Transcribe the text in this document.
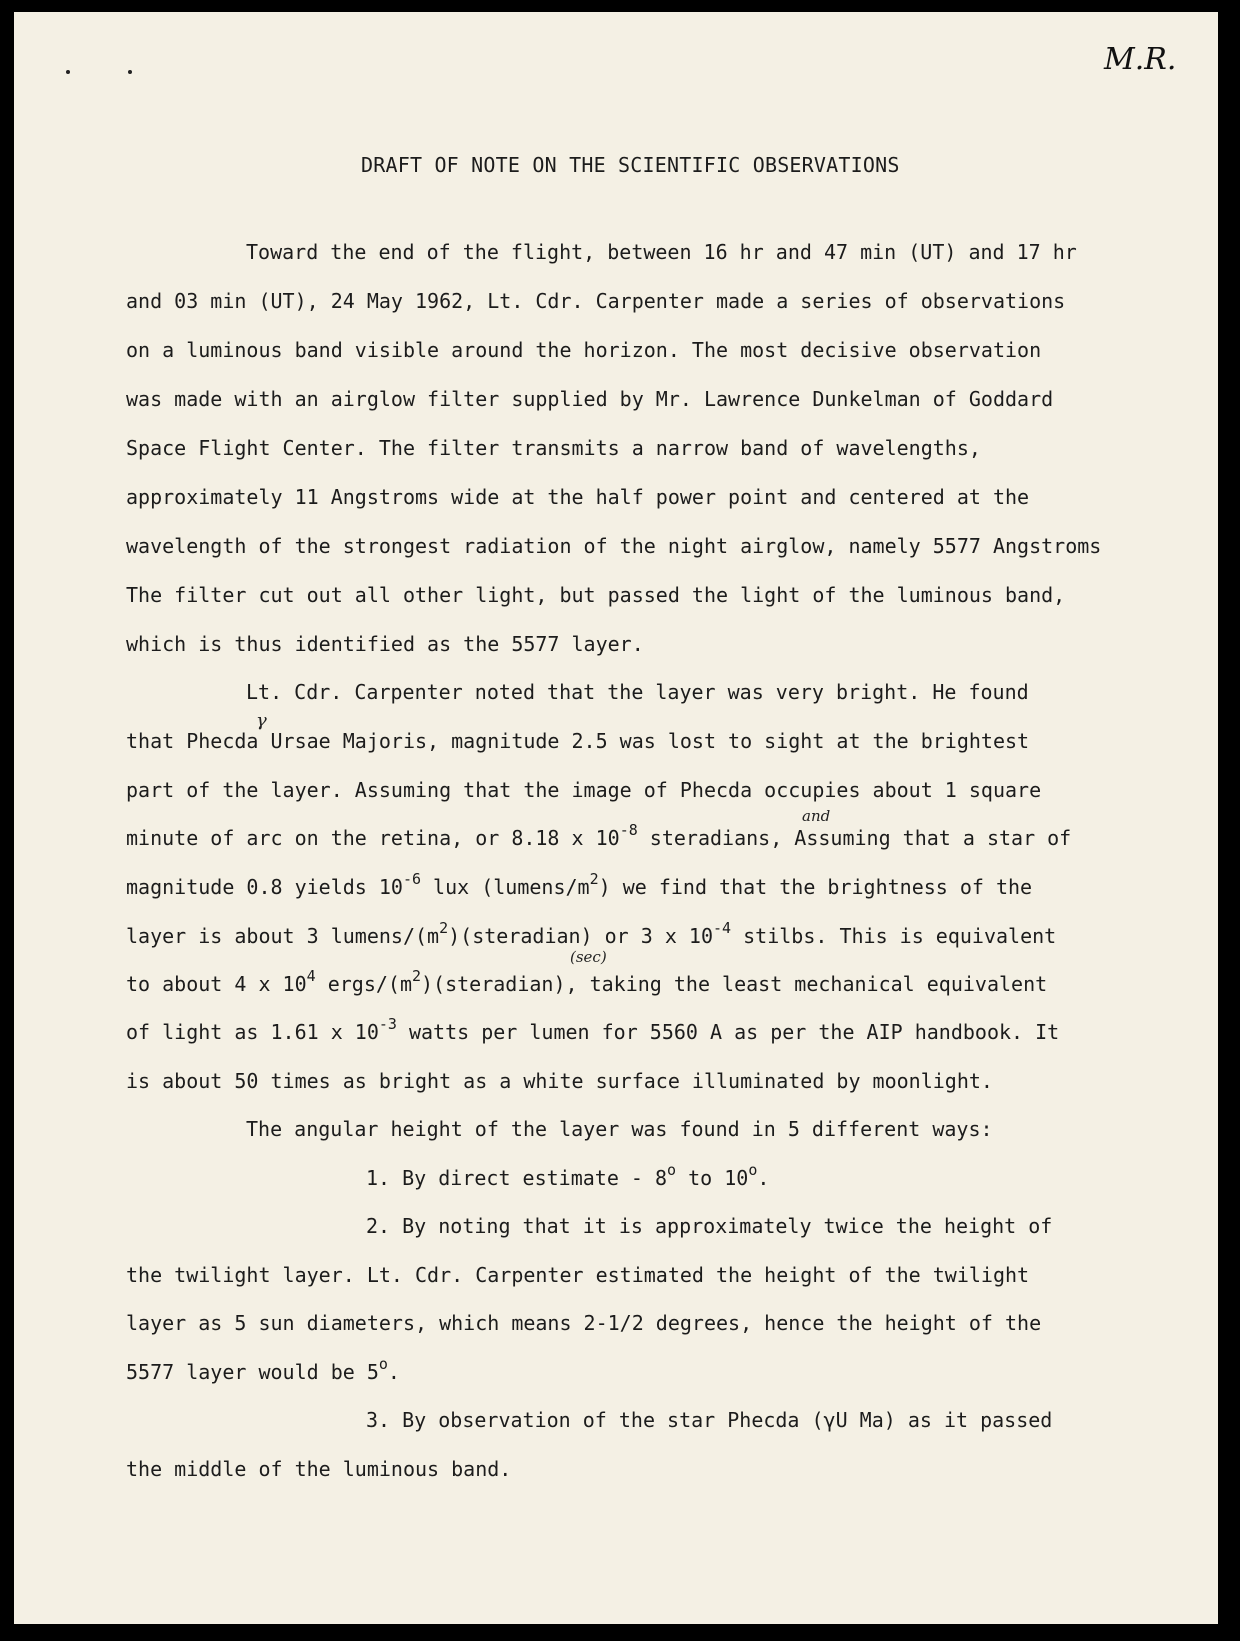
M.R.
DRAFT OF NOTE ON THE SCIENTIFIC OBSERVATIONS
Toward the end of the flight, between 16 hr and 47 min (UT) and 17 hr
and 03 min (UT), 24 May 1962, Lt. Cdr. Carpenter made a series of observations
on a luminous band visible around the horizon. The most decisive observation
was made with an airglow filter supplied by Mr. Lawrence Dunkelman of Goddard
Space Flight Center. The filter transmits a narrow band of wavelengths,
approximately 11 Angstroms wide at the half power point and centered at the
wavelength of the strongest radiation of the night airglow, namely 5577 Angstroms
The filter cut out all other light, but passed the light of the luminous band,
which is thus identified as the 5577 layer.
Lt. Cdr. Carpenter noted that the layer was very bright. He found
that Phecda Ursae Majoris, magnitude 2.5 was lost to sight at the brightest
γ
part of the layer. Assuming that the image of Phecda occupies about 1 square
minute of arc on the retina, or 8.18 x $10^{-8}$ steradians, Assuming that a star of
and
magnitude 0.8 yields $10^{-6}$ lux $(lumens/m^2)$ we find that the brightness of the
layer is about 3 lumens/$(m^2)(steradian)$ or 3 x $10^{-4}$ stilbs. This is equivalent
to about 4 x $10^4$ ergs/$(m^2)(steradian)$, taking the least mechanical equivalent
(sec)
of light as 1.61 x $10^{-3}$ watts per lumen for 5560 A as per the AIP handbook. It
is about 50 times as bright as a white surface illuminated by moonlight.
The angular height of the layer was found in 5 different ways:
1. By direct estimate - 8$^o$ to 10$^o$.
2. By noting that it is approximately twice the height of
the twilight layer. Lt. Cdr. Carpenter estimated the height of the twilight
layer as 5 sun diameters, which means 2-1/2 degrees, hence the height of the
5577 layer would be 5$^o$.
3. By observation of the star Phecda (γU Ma) as it passed
the middle of the luminous band.
